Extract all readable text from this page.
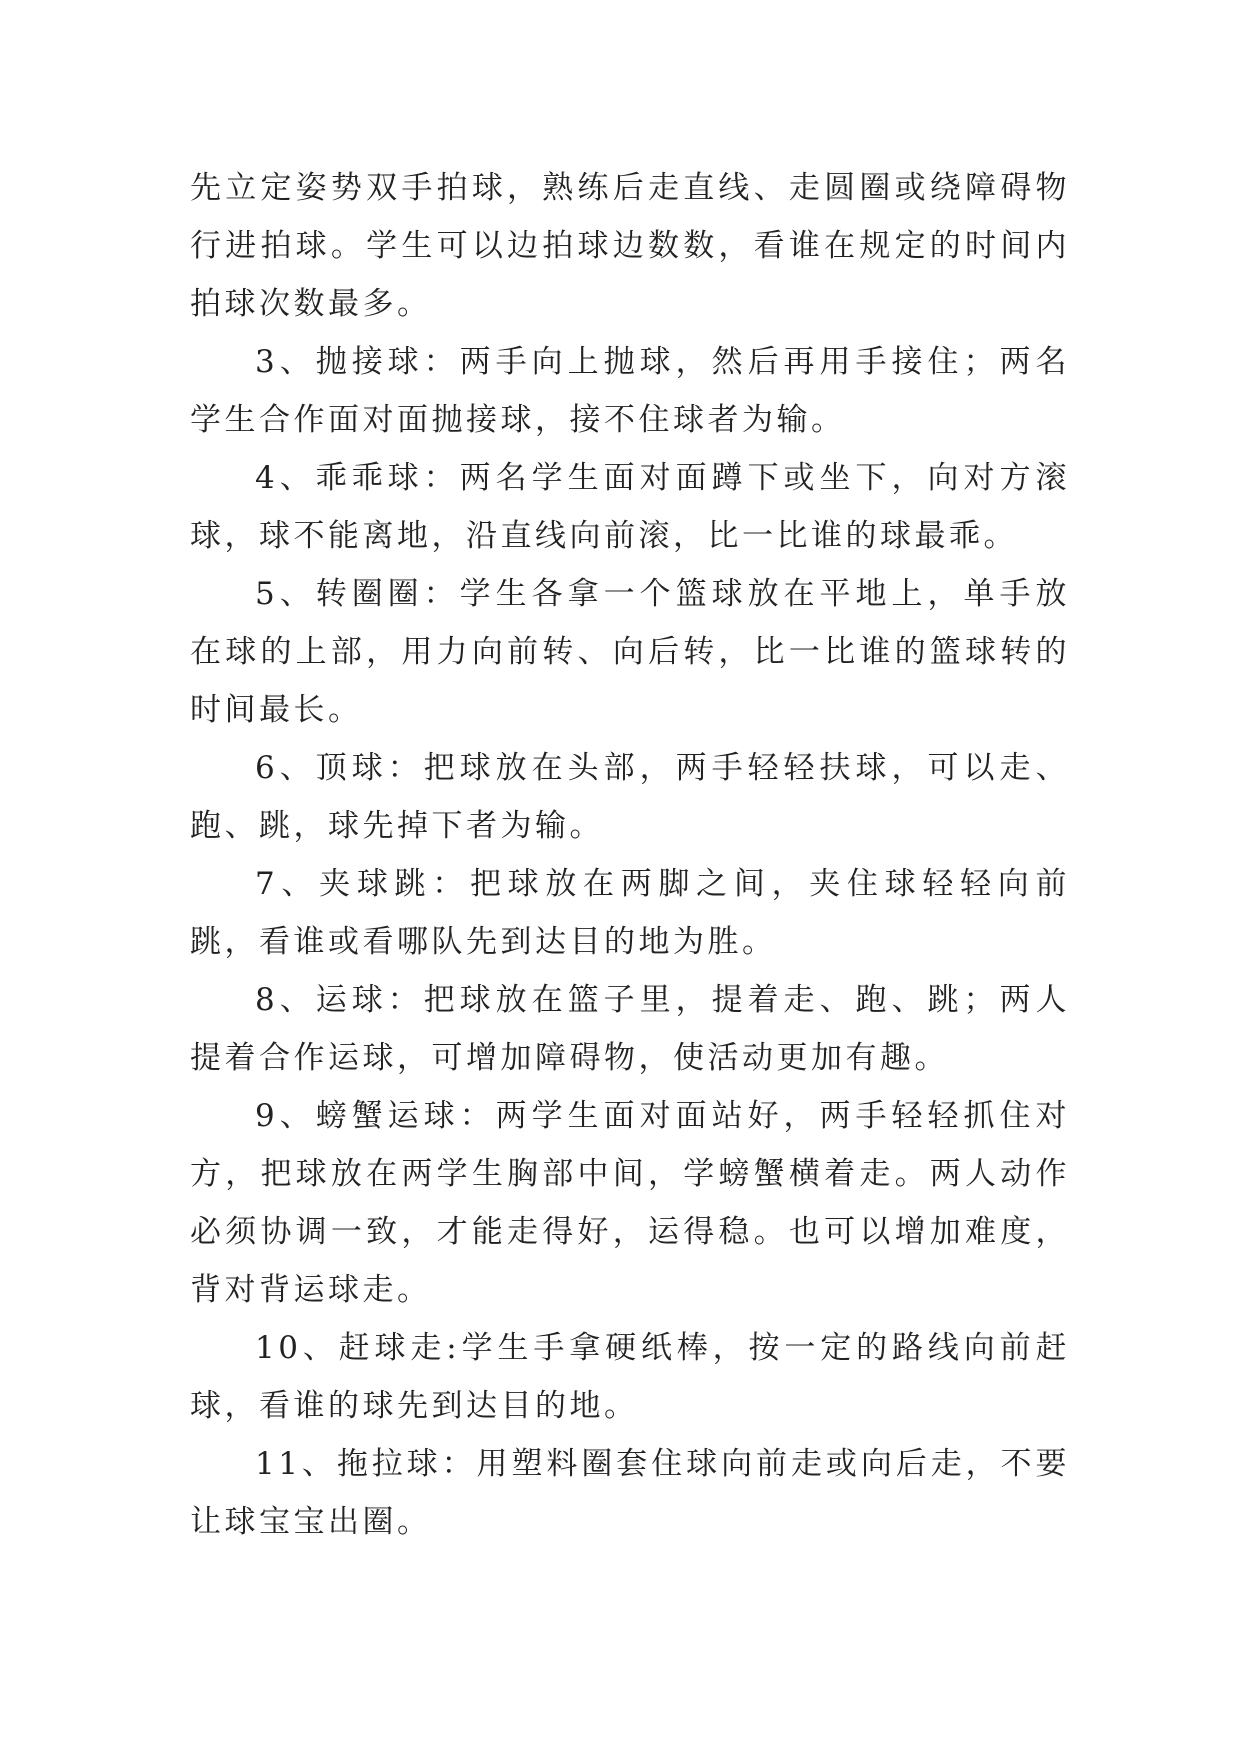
先立定姿势双手拍球，熟练后走直线、走圆圈或绕障碍物行进拍球。学生可以边拍球边数数，看谁在规定的时间内拍球次数最多。

3、抛接球：两手向上抛球，然后再用手接住；两名学生合作面对面抛接球，接不住球者为输。

4、乖乖球：两名学生面对面蹲下或坐下，向对方滚球，球不能离地，沿直线向前滚，比一比谁的球最乖。

5、转圈圈：学生各拿一个篮球放在平地上，单手放在球的上部，用力向前转、向后转，比一比谁的篮球转的时间最长。

6、顶球：把球放在头部，两手轻轻扶球，可以走、跑、跳，球先掉下者为输。

7、夹球跳：把球放在两脚之间，夹住球轻轻向前跳，看谁或看哪队先到达目的地为胜。

8、运球：把球放在篮子里，提着走、跑、跳；两人提着合作运球，可增加障碍物，使活动更加有趣。

9、螃蟹运球：两学生面对面站好，两手轻轻抓住对方，把球放在两学生胸部中间，学螃蟹横着走。两人动作必须协调一致，才能走得好，运得稳。也可以增加难度，背对背运球走。

10、赶球走:学生手拿硬纸棒，按一定的路线向前赶球，看谁的球先到达目的地。

11、拖拉球：用塑料圈套住球向前走或向后走，不要让球宝宝出圈。
